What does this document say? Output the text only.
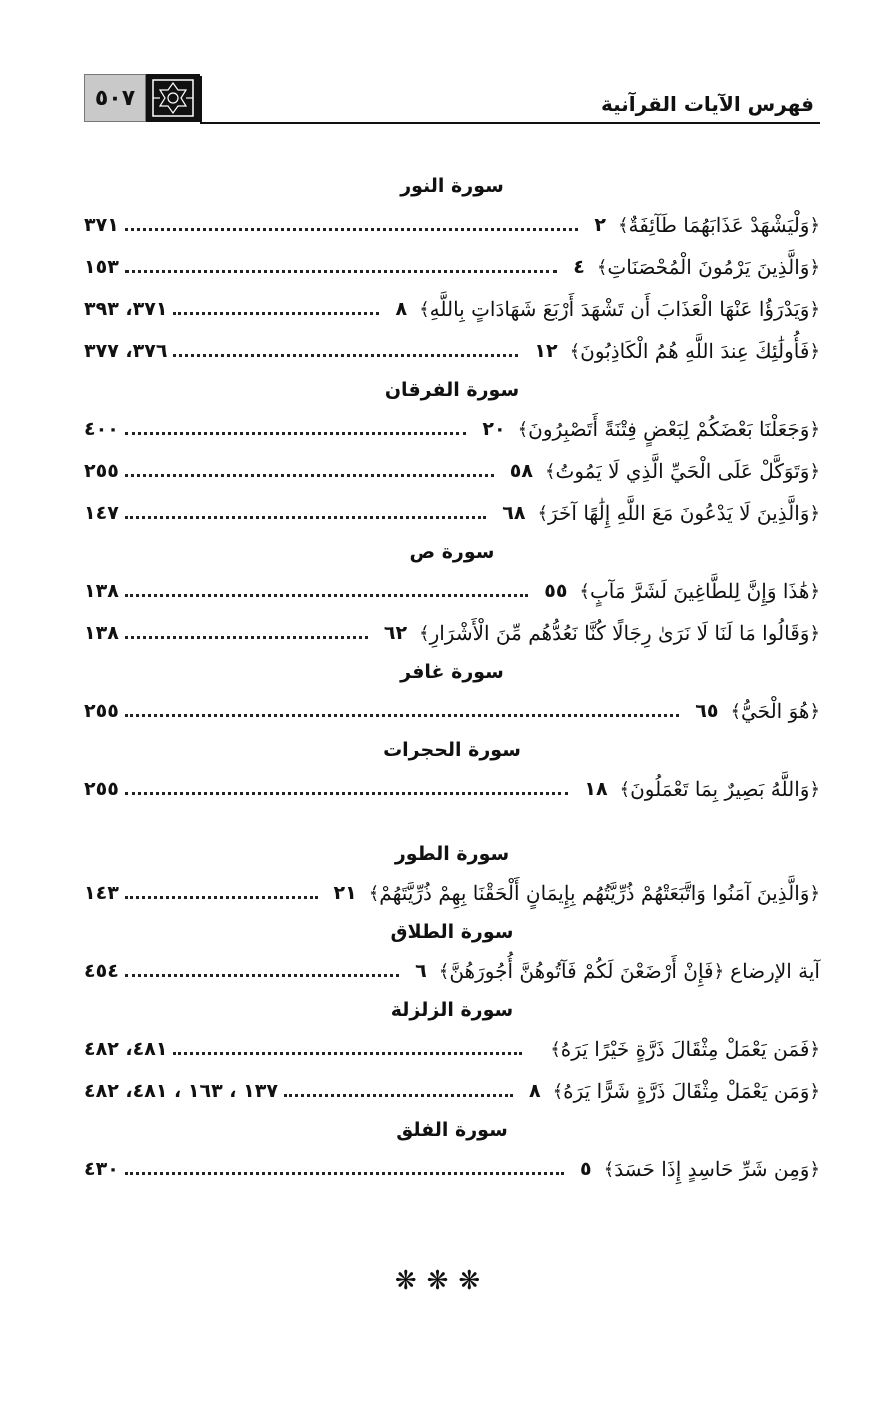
٥٠٧	فهرس الآيات القرآنية
سورة النور
﴿
وَلْيَشْهَدْ عَذَابَهُمَا طَآئِفَةٌ
﴾
٢
٣٧١
﴿
وَالَّذِينَ يَرْمُونَ الْمُحْصَنَاتِ
﴾
٤
١٥٣
﴿
وَيَدْرَؤُا عَنْهَا الْعَذَابَ أَن تَشْهَدَ أَرْبَعَ شَهَادَاتٍ بِاللَّهِ
﴾
٨
٣٧١، ٣٩٣
﴿
فَأُولَٰئِكَ عِندَ اللَّهِ هُمُ الْكَاذِبُونَ
﴾
١٢
٣٧٦، ٣٧٧
سورة الفرقان
﴿
وَجَعَلْنَا بَعْضَكُمْ لِبَعْضٍ فِتْنَةً أَتَصْبِرُونَ
﴾
٢٠
٤٠٠
﴿
وَتَوَكَّلْ عَلَى الْحَيِّ الَّذِي لَا يَمُوتُ
﴾
٥٨
٢٥٥
﴿
وَالَّذِينَ لَا يَدْعُونَ مَعَ اللَّهِ إِلَٰهًا آخَرَ
﴾
٦٨
١٤٧
سورة ص
﴿
هَٰذَا وَإِنَّ لِلطَّاغِينَ لَشَرَّ مَآبٍ
﴾
٥٥
١٣٨
﴿
وَقَالُوا مَا لَنَا لَا نَرَىٰ رِجَالًا كُنَّا نَعُدُّهُم مِّنَ الْأَشْرَارِ
﴾
٦٢
١٣٨
سورة غافر
﴿
هُوَ الْحَيُّ
﴾
٦٥
٢٥٥
سورة الحجرات
﴿
وَاللَّهُ بَصِيرٌ بِمَا تَعْمَلُونَ
﴾
١٨
٢٥٥
سورة الطور
﴿
وَالَّذِينَ آمَنُوا وَاتَّبَعَتْهُمْ ذُرِّيَّتُهُم بِإِيمَانٍ أَلْحَقْنَا بِهِمْ ذُرِّيَّتَهُمْ
﴾
٢١
١٤٣
سورة الطلاق
آية الإرضاع
﴿
فَإِنْ أَرْضَعْنَ لَكُمْ فَآتُوهُنَّ أُجُورَهُنَّ
﴾
٦
٤٥٤
سورة الزلزلة
﴿
فَمَن يَعْمَلْ مِثْقَالَ ذَرَّةٍ خَيْرًا يَرَهُ
﴾
٤٨١، ٤٨٢
﴿
وَمَن يَعْمَلْ مِثْقَالَ ذَرَّةٍ شَرًّا يَرَهُ
﴾
٨
١٣٧ ، ١٦٣ ، ٤٨١، ٤٨٢
سورة الفلق
﴿
وَمِن شَرِّ حَاسِدٍ إِذَا حَسَدَ
﴾
٥
٤٣٠
❋❋❋
